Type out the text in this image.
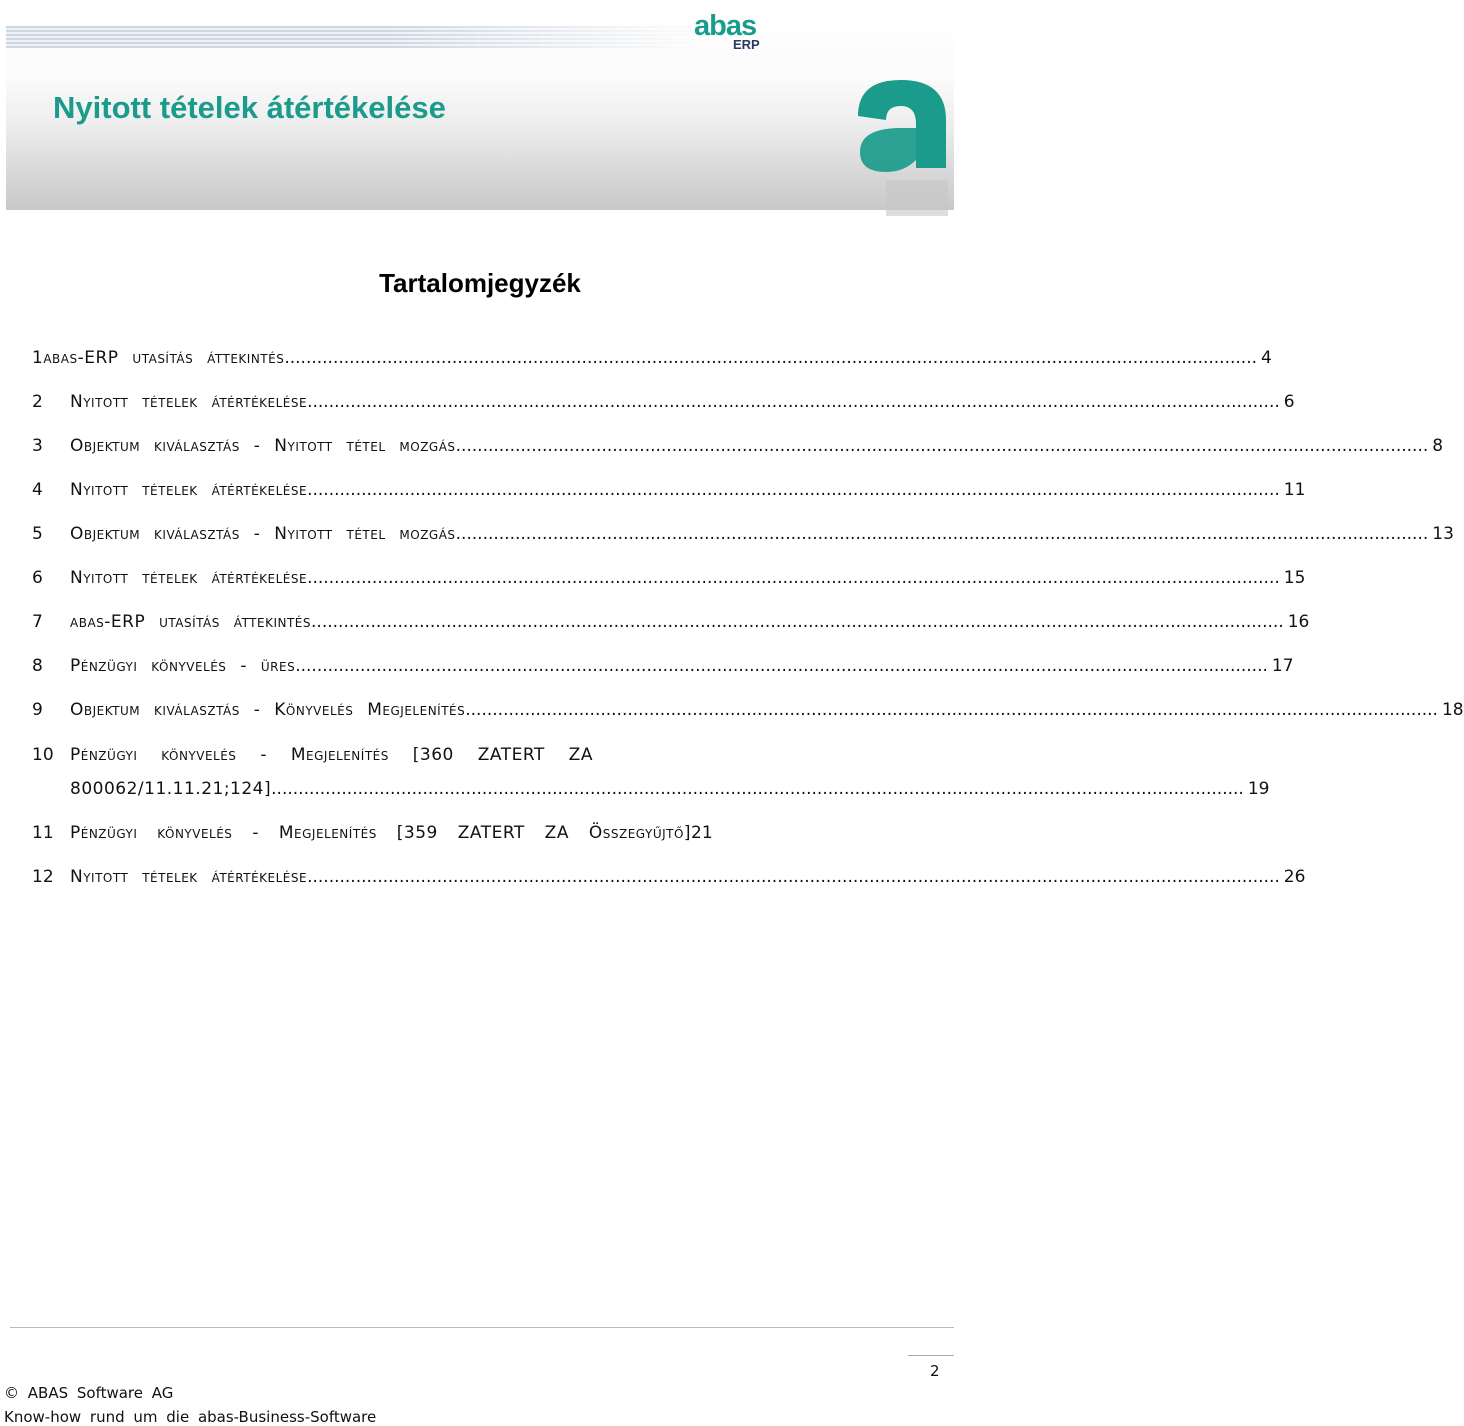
Nyitott tételek átértékelése
abas
ERP
Tartalomjegyzék
1abas-ERP utasítás áttekintés .................................................................................................................................................................................... 4
2 Nyitott tételek átértékelése .................................................................................................................................................................................... 6
3 Objektum kiválasztás - Nyitott tétel mozgás .................................................................................................................................................................................... 8
4 Nyitott tételek átértékelése .................................................................................................................................................................................... 11
5 Objektum kiválasztás - Nyitott tétel mozgás .................................................................................................................................................................................... 13
6 Nyitott tételek átértékelése .................................................................................................................................................................................... 15
7 abas-ERP utasítás áttekintés .................................................................................................................................................................................... 16
8 Pénzügyi könyvelés - üres .................................................................................................................................................................................... 17
9 Objektum kiválasztás - Könyvelés Megjelenítés .................................................................................................................................................................................... 18
10 Pénzügyi könyvelés - Megjelenítés [360 ZATERT ZA
800062/11.11.21;124] .................................................................................................................................................................................... 19
11 Pénzügyi könyvelés - Megjelenítés [359 ZATERT ZA Összegyűjtő] 21
12 Nyitott tételek átértékelése .................................................................................................................................................................................... 26
2
© ABAS Software AG
Know-how rund um die abas-Business-Software
